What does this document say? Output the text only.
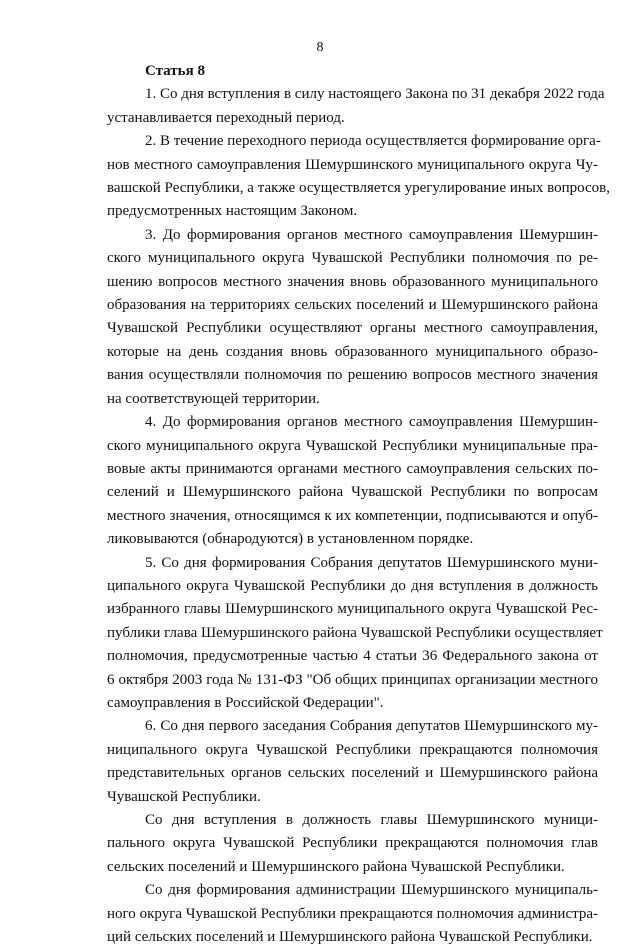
8

Статья 8

1. Со дня вступления в силу настоящего Закона по 31 декабря 2022 года

устанавливается переходный период.

2. В течение переходного периода осуществляется формирование орга-

нов местного самоуправления Шемуршинского муниципального округа Чу-

вашской Республики, а также осуществляется урегулирование иных вопросов,

предусмотренных настоящим Законом.

3. До формирования органов местного самоуправления Шемуршин-

ского муниципального округа Чувашской Республики полномочия по ре-

шению вопросов местного значения вновь образованного муниципального

образования на территориях сельских поселений и Шемуршинского района

Чувашской Республики осуществляют органы местного самоуправления,

которые на день создания вновь образованного муниципального образо-

вания осуществляли полномочия по решению вопросов местного значения

на соответствующей территории.

4. До формирования органов местного самоуправления Шемуршин-

ского муниципального округа Чувашской Республики муниципальные пра-

вовые акты принимаются органами местного самоуправления сельских по-

селений и Шемуршинского района Чувашской Республики по вопросам

местного значения, относящимся к их компетенции, подписываются и опуб-

ликовываются (обнародуются) в установленном порядке.

5. Со дня формирования Собрания депутатов Шемуршинского муни-

ципального округа Чувашской Республики до дня вступления в должность

избранного главы Шемуршинского муниципального округа Чувашской Рес-

публики глава Шемуршинского района Чувашской Республики осуществляет

полномочия, предусмотренные частью 4 статьи 36 Федерального закона от

6 октября 2003 года № 131-ФЗ "Об общих принципах организации местного

самоуправления в Российской Федерации".

6. Со дня первого заседания Собрания депутатов Шемуршинского му-

ниципального округа Чувашской Республики прекращаются полномочия

представительных органов сельских поселений и Шемуршинского района

Чувашской Республики.

Со дня вступления в должность главы Шемуршинского муници-

пального округа Чувашской Республики прекращаются полномочия глав

сельских поселений и Шемуршинского района Чувашской Республики.

Со дня формирования администрации Шемуршинского муниципаль-

ного округа Чувашской Республики прекращаются полномочия администра-

ций сельских поселений и Шемуршинского района Чувашской Республики.
